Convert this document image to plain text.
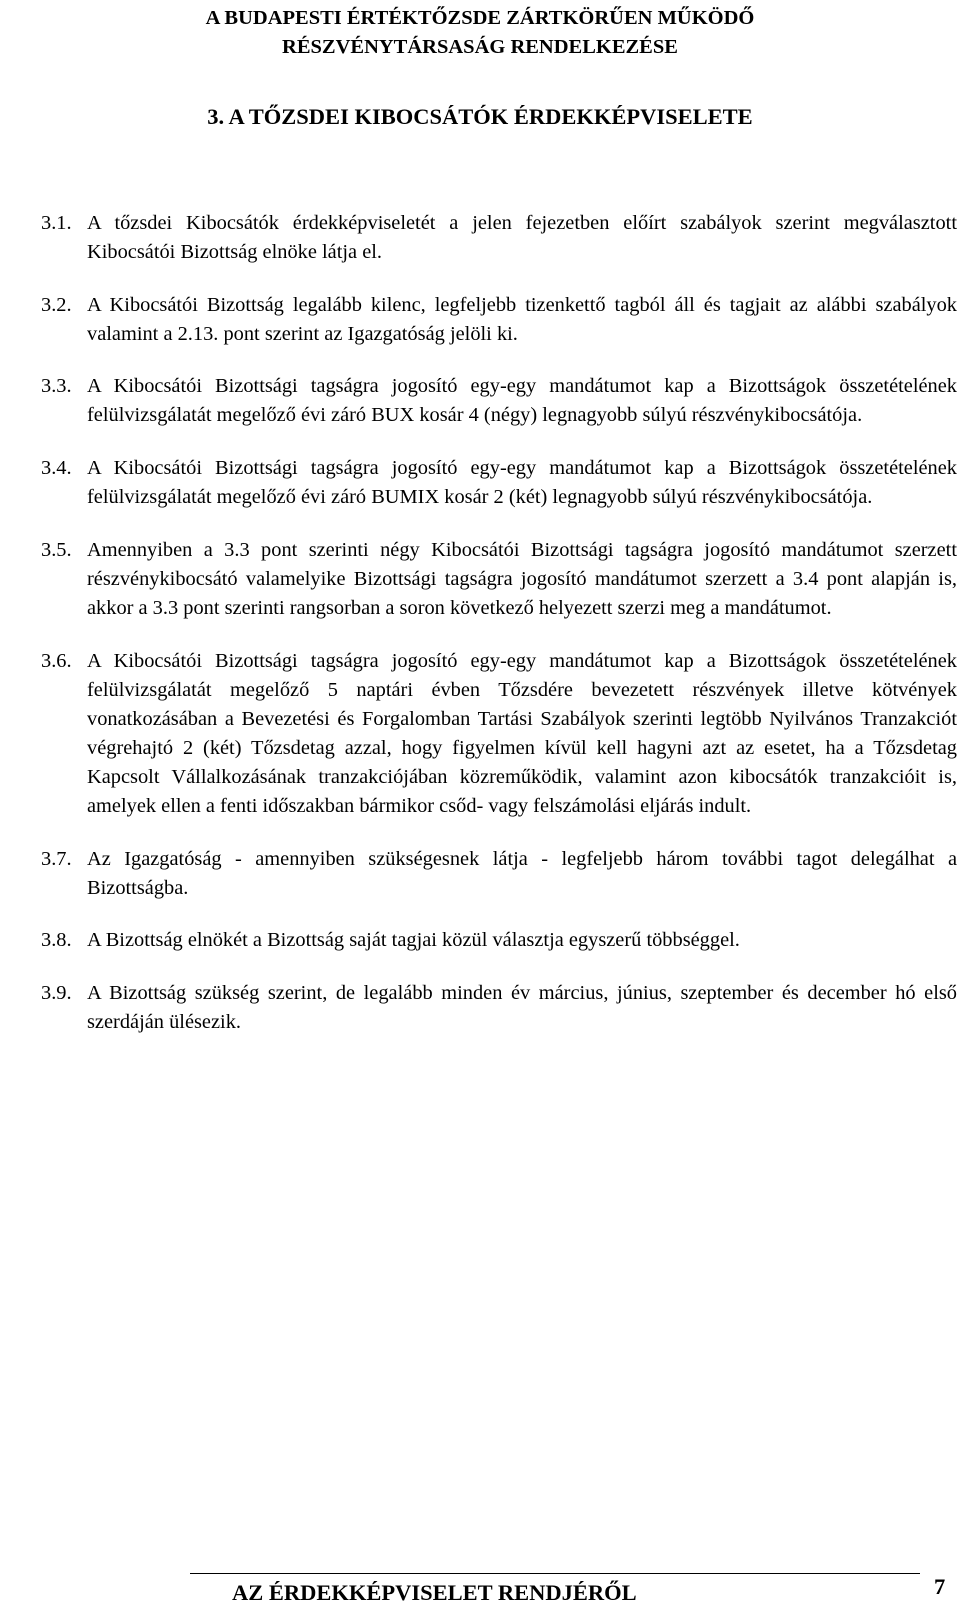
A BUDAPESTI ÉRTÉKTŐZSDE ZÁRTKÖRŰEN MŰKÖDŐ
RÉSZVÉNYTÁRSASÁG RENDELKEZÉSE
3. A TŐZSDEI KIBOCSÁTÓK ÉRDEKKÉPVISELETE
3.1. A tőzsdei Kibocsátók érdekképviseletét a jelen fejezetben előírt szabályok szerint megválasztott Kibocsátói Bizottság elnöke látja el.
3.2. A Kibocsátói Bizottság legalább kilenc, legfeljebb tizenkettő tagból áll és tagjait az alábbi szabályok valamint a 2.13. pont szerint az Igazgatóság jelöli ki.
3.3. A Kibocsátói Bizottsági tagságra jogosító egy-egy mandátumot kap a Bizottságok összetételének felülvizsgálatát megelőző évi záró BUX kosár 4 (négy) legnagyobb súlyú részvénykibocsátója.
3.4. A Kibocsátói Bizottsági tagságra jogosító egy-egy mandátumot kap a Bizottságok összetételének felülvizsgálatát megelőző évi záró BUMIX kosár 2 (két) legnagyobb súlyú részvénykibocsátója.
3.5. Amennyiben a 3.3 pont szerinti négy Kibocsátói Bizottsági tagságra jogosító mandátumot szerzett részvénykibocsátó valamelyike Bizottsági tagságra jogosító mandátumot szerzett a 3.4 pont alapján is, akkor a 3.3 pont szerinti rangsorban a soron következő helyezett szerzi meg a mandátumot.
3.6. A Kibocsátói Bizottsági tagságra jogosító egy-egy mandátumot kap a Bizottságok összetételének felülvizsgálatát megelőző 5 naptári évben Tőzsdére bevezetett részvények illetve kötvények vonatkozásában a Bevezetési és Forgalomban Tartási Szabályok szerinti legtöbb Nyilvános Tranzakciót végrehajtó 2 (két) Tőzsdetag azzal, hogy figyelmen kívül kell hagyni azt az esetet, ha a Tőzsdetag Kapcsolt Vállalkozásának tranzakciójában közreműködik, valamint azon kibocsátók tranzakcióit is, amelyek ellen a fenti időszakban bármikor csőd- vagy felszámolási eljárás indult.
3.7. Az Igazgatóság - amennyiben szükségesnek látja - legfeljebb három további tagot delegálhat a Bizottságba.
3.8. A Bizottság elnökét a Bizottság saját tagjai közül választja egyszerű többséggel.
3.9. A Bizottság szükség szerint, de legalább minden év március, június, szeptember és december hó első szerdáján ülésezik.
AZ ÉRDEKKÉPVISELET RENDJÉRŐL	7
